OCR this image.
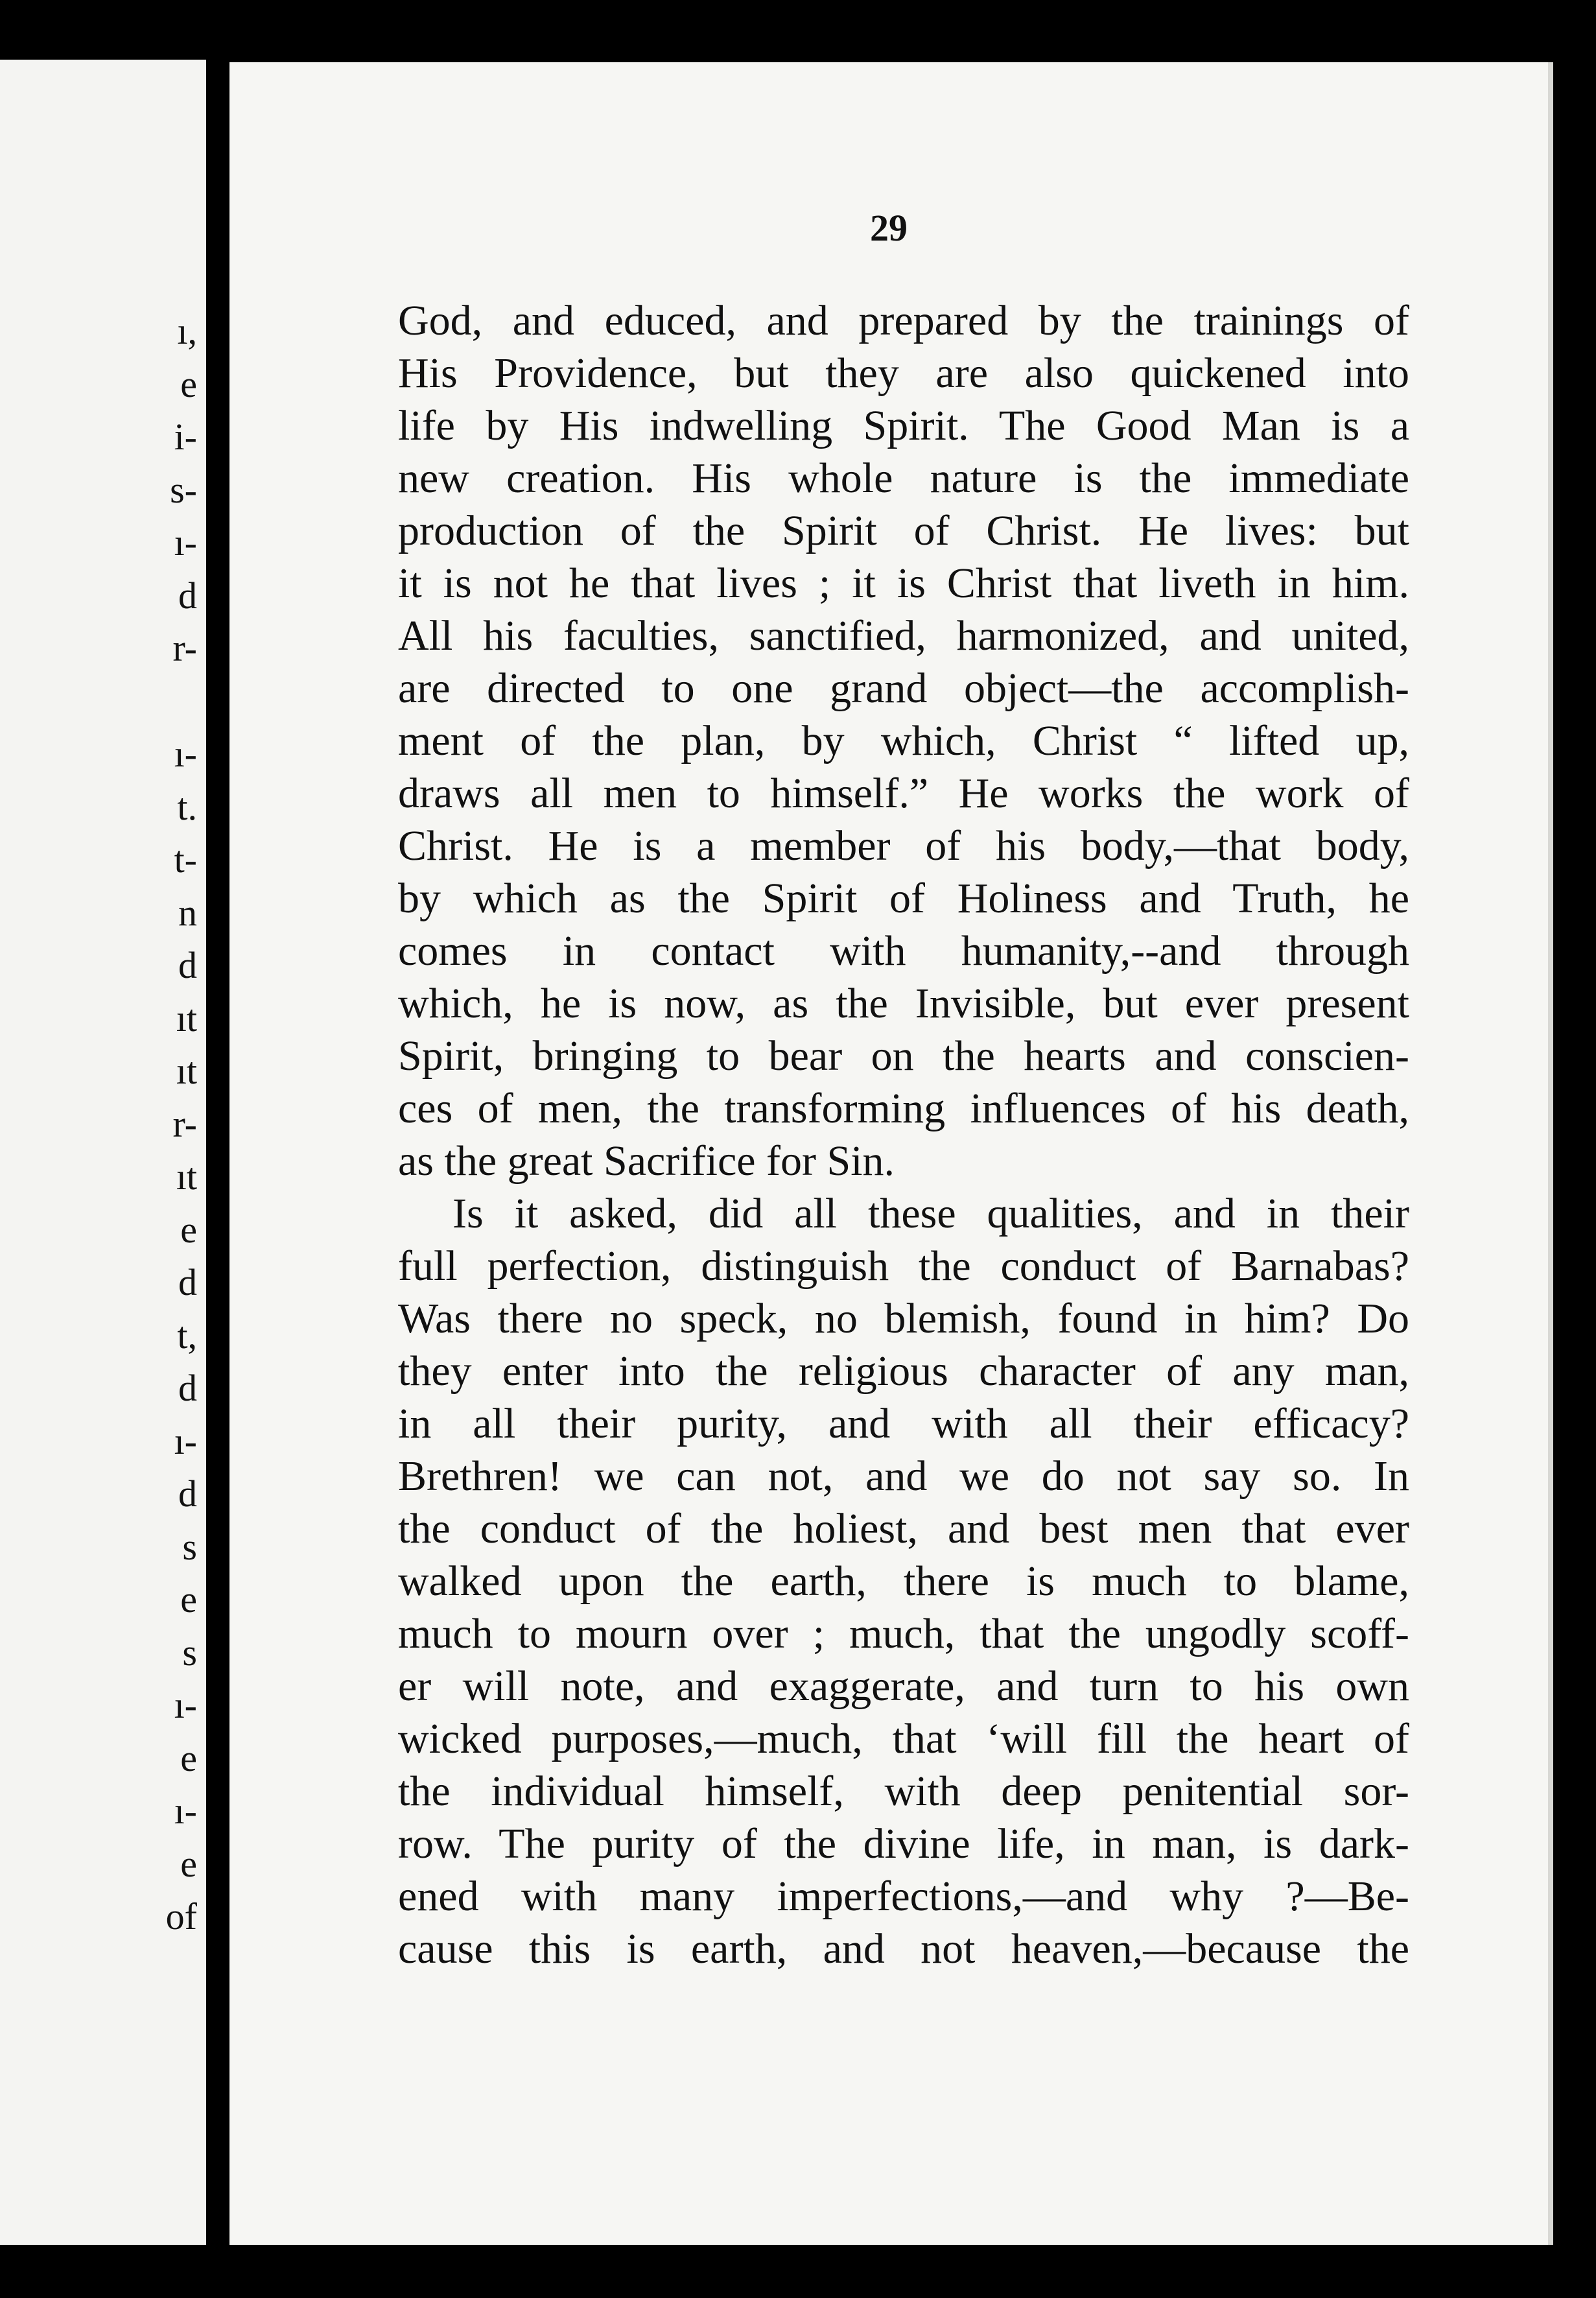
ı,
e
i-
s-
ı-
d
r-
ı-
t.
t-
n
d
ıt
ıt
r-
ıt
e
d
t,
d
ı-
d
s
e
s
ı-
e
ı-
e
of
29
God, and educed, and prepared by the trainings of
His Providence, but they are also quickened into
life by His indwelling Spirit. The Good Man is a
new creation. His whole nature is the immediate
production of the Spirit of Christ. He lives: but
it is not he that lives ; it is Christ that liveth in him.
All his faculties, sanctified, harmonized, and united,
are directed to one grand object—the accomplish-
ment of the plan, by which, Christ “ lifted up,
draws all men to himself.” He works the work of
Christ. He is a member of his body,—that body,
by which as the Spirit of Holiness and Truth, he
comes in contact with humanity,--and through
which, he is now, as the Invisible, but ever present
Spirit, bringing to bear on the hearts and conscien-
ces of men, the transforming influences of his death,
as the great Sacrifice for Sin.
Is it asked, did all these qualities, and in their
full perfection, distinguish the conduct of Barnabas?
Was there no speck, no blemish, found in him? Do
they enter into the religious character of any man,
in all their purity, and with all their efficacy?
Brethren! we can not, and we do not say so. In
the conduct of the holiest, and best men that ever
walked upon the earth, there is much to blame,
much to mourn over ; much, that the ungodly scoff-
er will note, and exaggerate, and turn to his own
wicked purposes,—much, that ‘will fill the heart of
the individual himself, with deep penitential sor-
row. The purity of the divine life, in man, is dark-
ened with many imperfections,—and why ?—Be-
cause this is earth, and not heaven,—because the
